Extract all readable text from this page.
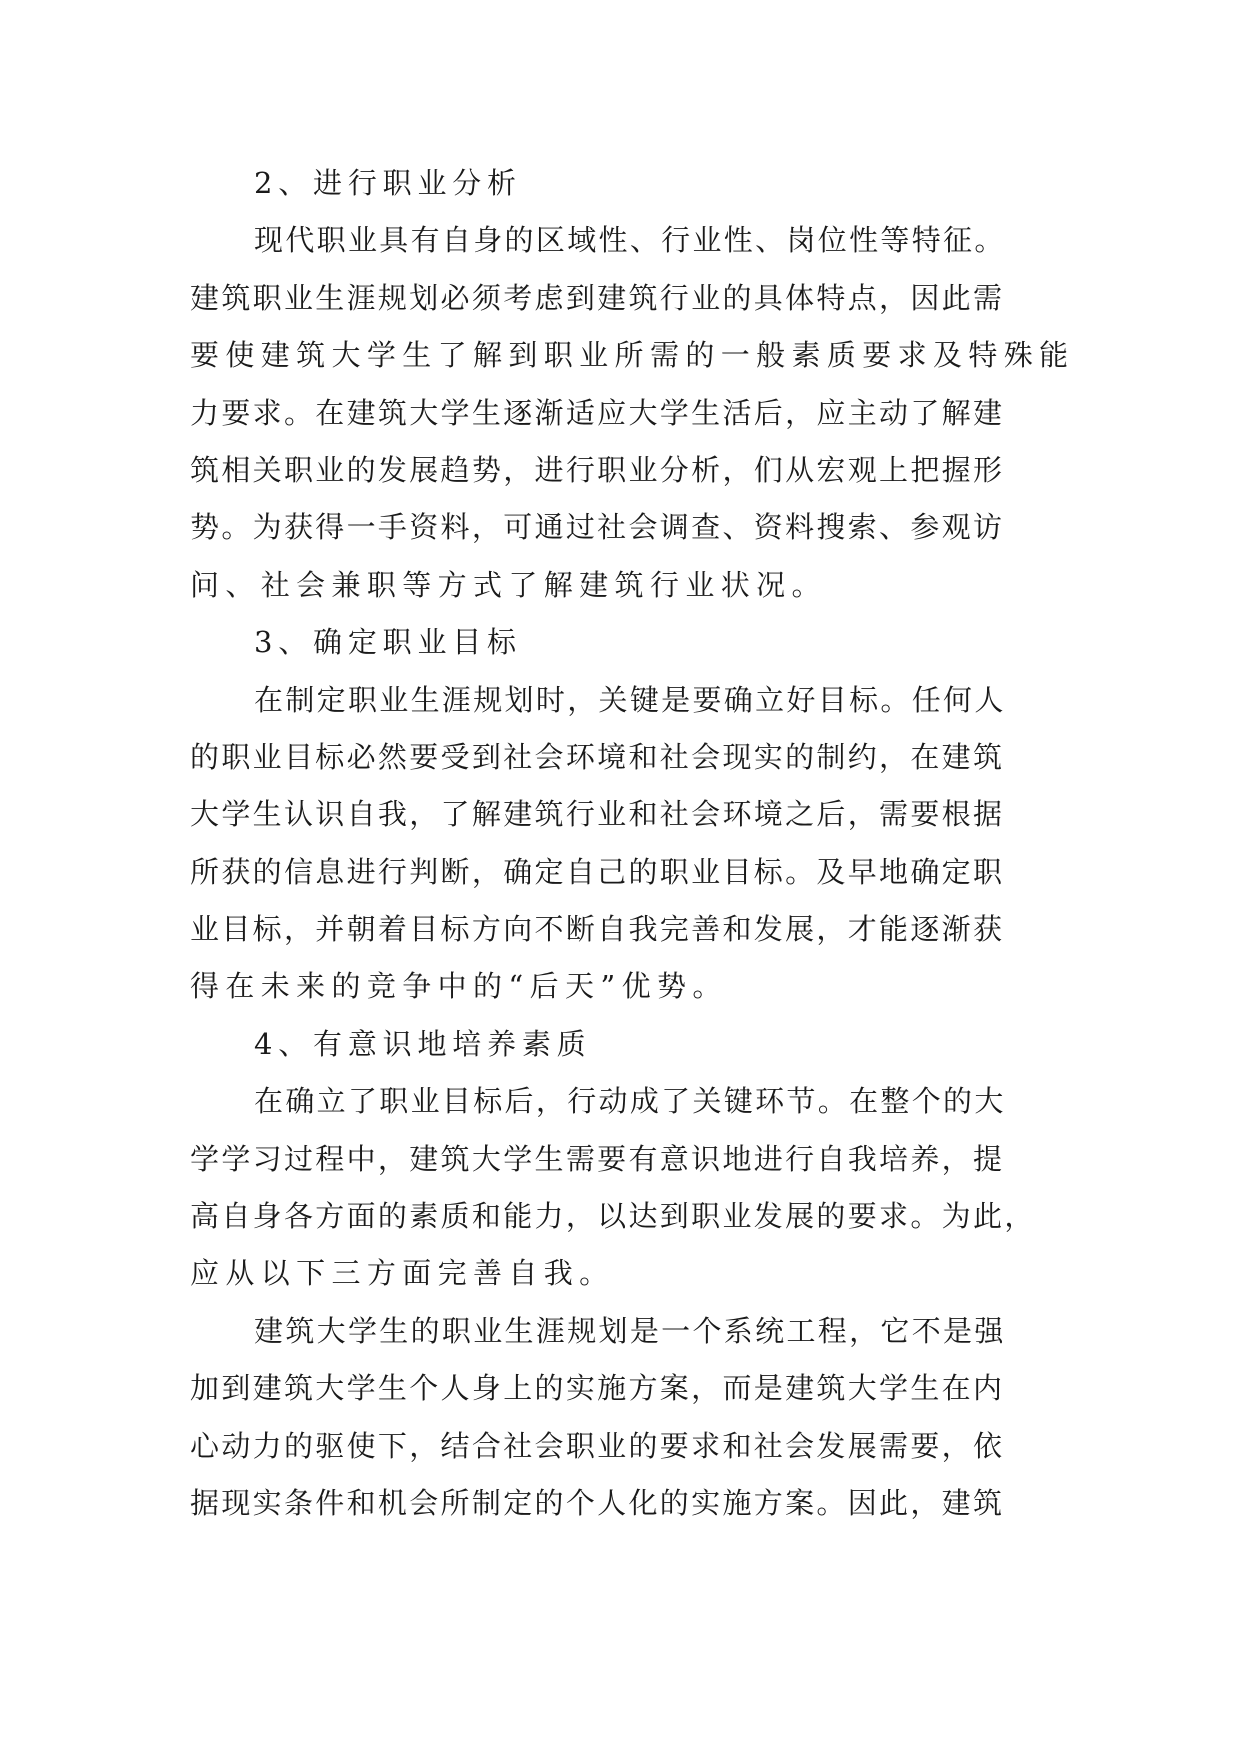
2、进行职业分析
现代职业具有自身的区域性、行业性、岗位性等特征。
建筑职业生涯规划必须考虑到建筑行业的具体特点，因此需
要使建筑大学生了解到职业所需的一般素质要求及特殊能
力要求。在建筑大学生逐渐适应大学生活后，应主动了解建
筑相关职业的发展趋势，进行职业分析，们从宏观上把握形
势。为获得一手资料，可通过社会调查、资料搜索、参观访
问、社会兼职等方式了解建筑行业状况。
3、确定职业目标
在制定职业生涯规划时，关键是要确立好目标。任何人
的职业目标必然要受到社会环境和社会现实的制约，在建筑
大学生认识自我，了解建筑行业和社会环境之后，需要根据
所获的信息进行判断，确定自己的职业目标。及早地确定职
业目标，并朝着目标方向不断自我完善和发展，才能逐渐获
得在未来的竞争中的“后天”优势。
4、有意识地培养素质
在确立了职业目标后，行动成了关键环节。在整个的大
学学习过程中，建筑大学生需要有意识地进行自我培养，提
高自身各方面的素质和能力，以达到职业发展的要求。为此，
应从以下三方面完善自我。
建筑大学生的职业生涯规划是一个系统工程，它不是强
加到建筑大学生个人身上的实施方案，而是建筑大学生在内
心动力的驱使下，结合社会职业的要求和社会发展需要，依
据现实条件和机会所制定的个人化的实施方案。因此，建筑
